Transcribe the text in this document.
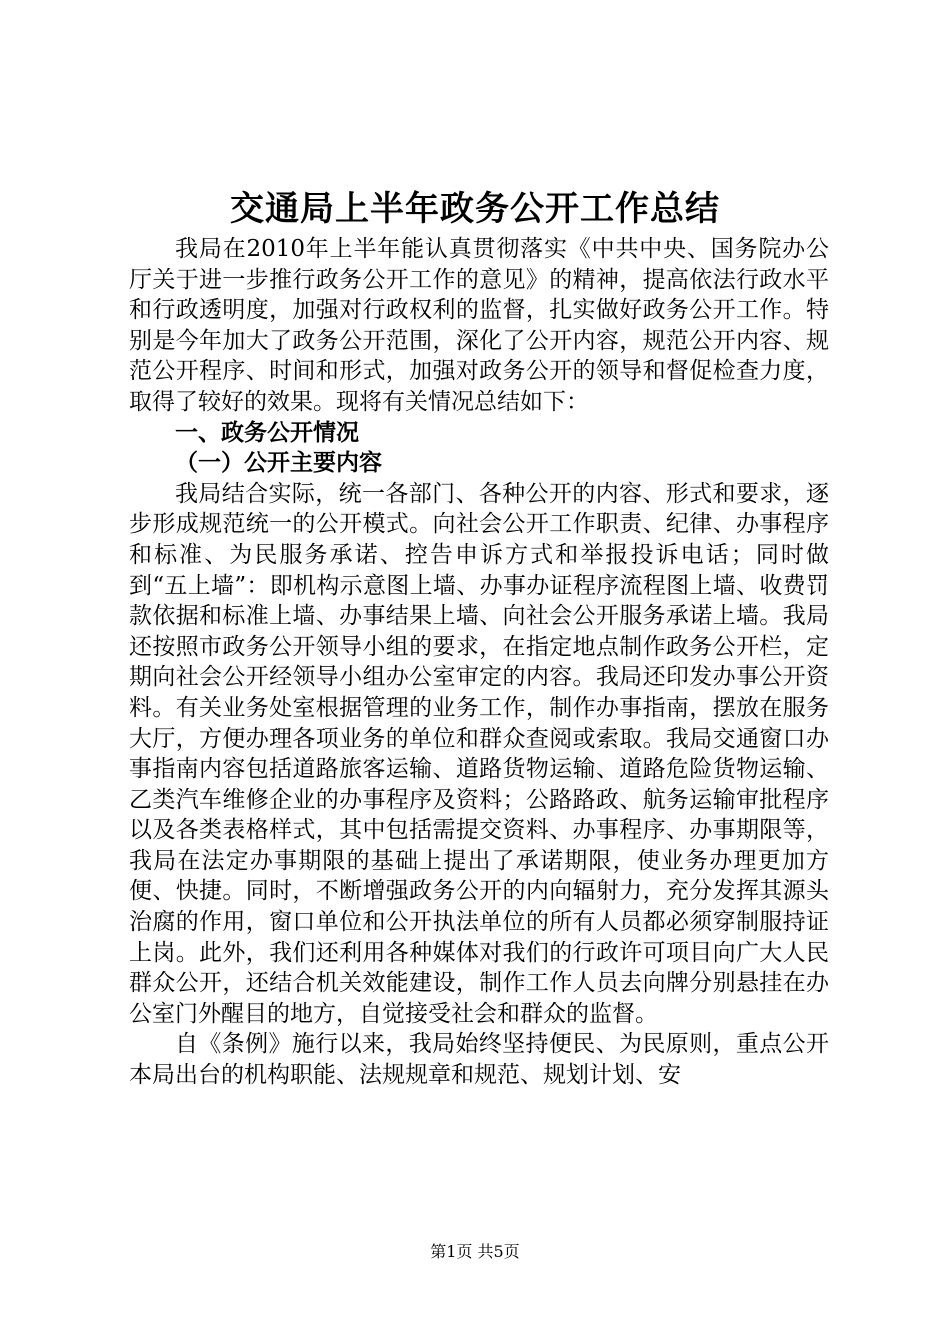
交通局上半年政务公开工作总结

我局在2010年上半年能认真贯彻落实《中共中央、国务院办公厅关于进一步推行政务公开工作的意见》的精神，提高依法行政水平和行政透明度，加强对行政权利的监督，扎实做好政务公开工作。特别是今年加大了政务公开范围，深化了公开内容，规范公开内容、规范公开程序、时间和形式，加强对政务公开的领导和督促检查力度，取得了较好的效果。现将有关情况总结如下：

一、政务公开情况

（一）公开主要内容

我局结合实际，统一各部门、各种公开的内容、形式和要求，逐步形成规范统一的公开模式。向社会公开工作职责、纪律、办事程序和标准、为民服务承诺、控告申诉方式和举报投诉电话；同时做到“五上墙”：即机构示意图上墙、办事办证程序流程图上墙、收费罚款依据和标准上墙、办事结果上墙、向社会公开服务承诺上墙。我局还按照市政务公开领导小组的要求，在指定地点制作政务公开栏，定期向社会公开经领导小组办公室审定的内容。我局还印发办事公开资料。有关业务处室根据管理的业务工作，制作办事指南，摆放在服务大厅，方便办理各项业务的单位和群众查阅或索取。我局交通窗口办事指南内容包括道路旅客运输、道路货物运输、道路危险货物运输、乙类汽车维修企业的办事程序及资料；公路路政、航务运输审批程序以及各类表格样式，其中包括需提交资料、办事程序、办事期限等，我局在法定办事期限的基础上提出了承诺期限，使业务办理更加方便、快捷。同时，不断增强政务公开的内向辐射力，充分发挥其源头治腐的作用，窗口单位和公开执法单位的所有人员都必须穿制服持证上岗。此外，我们还利用各种媒体对我们的行政许可项目向广大人民群众公开，还结合机关效能建设，制作工作人员去向牌分别悬挂在办公室门外醒目的地方，自觉接受社会和群众的监督。

自《条例》施行以来，我局始终坚持便民、为民原则，重点公开本局出台的机构职能、法规规章和规范、规划计划、安

第1页 共5页
